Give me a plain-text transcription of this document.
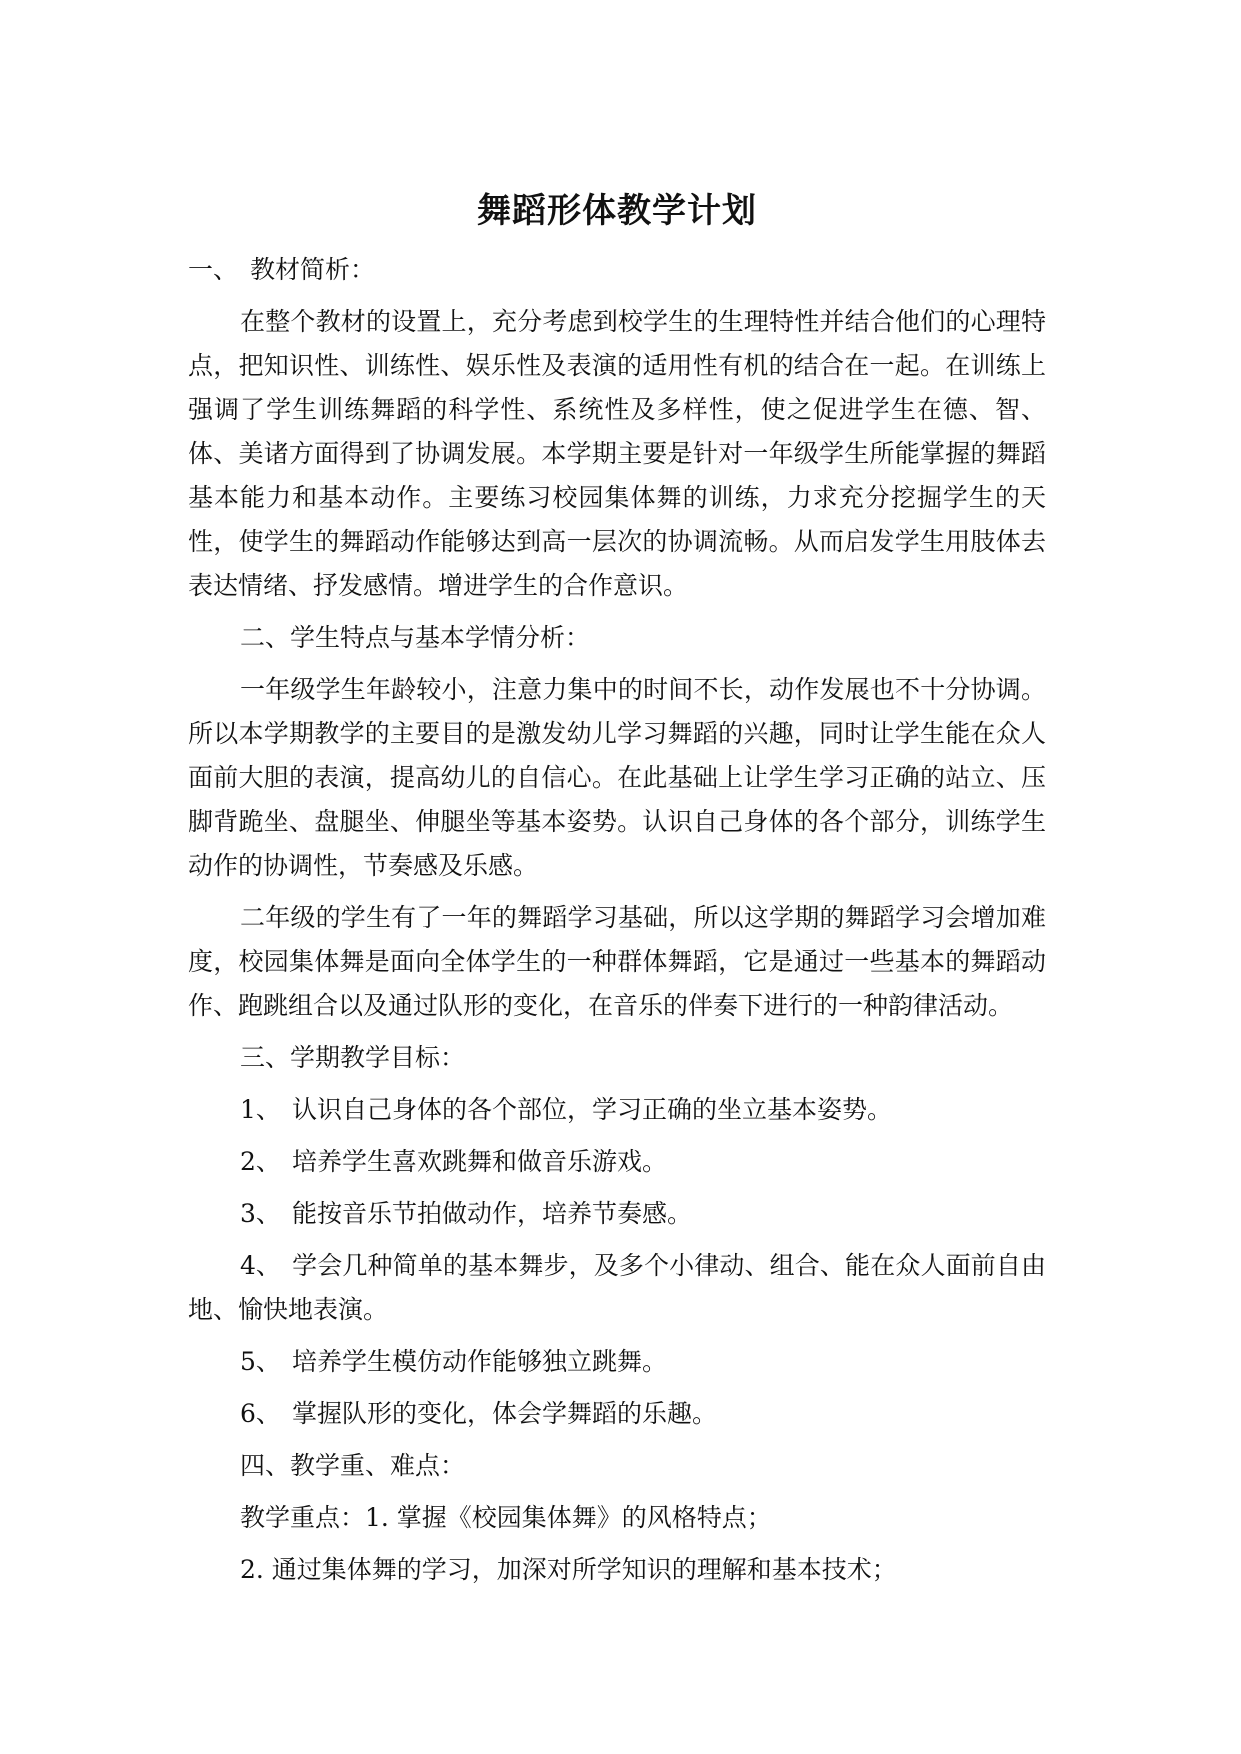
舞蹈形体教学计划
一、 教材简析：

在整个教材的设置上，充分考虑到校学生的生理特性并结合他们的心理特点，把知识性、训练性、娱乐性及表演的适用性有机的结合在一起。在训练上强调了学生训练舞蹈的科学性、系统性及多样性，使之促进学生在德、智、体、美诸方面得到了协调发展。本学期主要是针对一年级学生所能掌握的舞蹈基本能力和基本动作。主要练习校园集体舞的训练，力求充分挖掘学生的天性，使学生的舞蹈动作能够达到高一层次的协调流畅。从而启发学生用肢体去表达情绪、抒发感情。增进学生的合作意识。

二、学生特点与基本学情分析：

一年级学生年龄较小，注意力集中的时间不长，动作发展也不十分协调。所以本学期教学的主要目的是激发幼儿学习舞蹈的兴趣，同时让学生能在众人面前大胆的表演，提高幼儿的自信心。在此基础上让学生学习正确的站立、压脚背跪坐、盘腿坐、伸腿坐等基本姿势。认识自己身体的各个部分，训练学生动作的协调性，节奏感及乐感。

二年级的学生有了一年的舞蹈学习基础，所以这学期的舞蹈学习会增加难度，校园集体舞是面向全体学生的一种群体舞蹈，它是通过一些基本的舞蹈动作、跑跳组合以及通过队形的变化，在音乐的伴奏下进行的一种韵律活动。

三、学期教学目标：

1、 认识自己身体的各个部位，学习正确的坐立基本姿势。
2、 培养学生喜欢跳舞和做音乐游戏。
3、 能按音乐节拍做动作，培养节奏感。
4、 学会几种简单的基本舞步，及多个小律动、组合、能在众人面前自由地、愉快地表演。
5、 培养学生模仿动作能够独立跳舞。
6、 掌握队形的变化，体会学舞蹈的乐趣。

四、教学重、难点：

教学重点：1. 掌握《校园集体舞》的风格特点；

2. 通过集体舞的学习，加深对所学知识的理解和基本技术；
